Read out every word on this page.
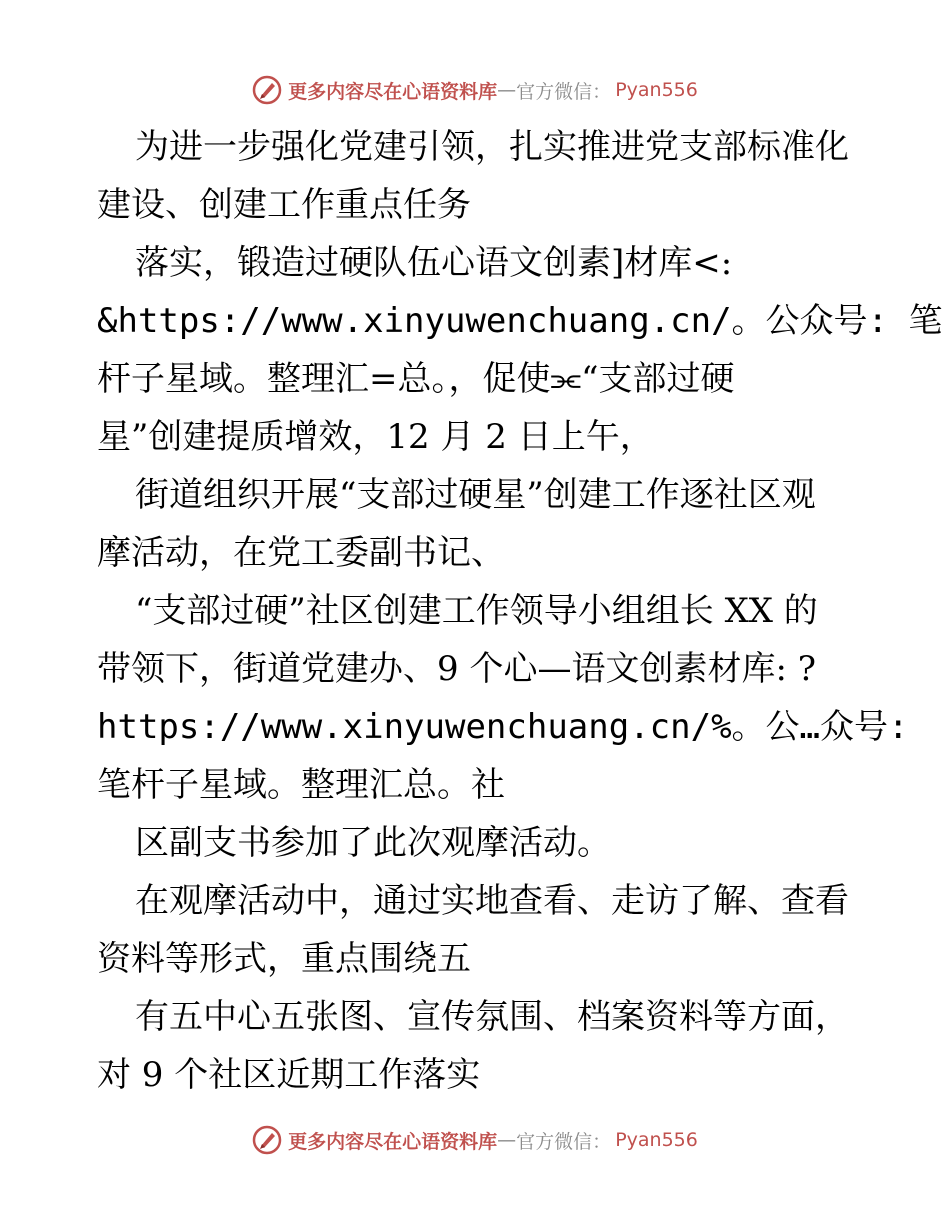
更多内容尽在心语资料库 — 官方微信： Pyan556
为进一步强化党建引领，扎实推进党支部标准化
建设、创建工作重点任务
落实，锻造过硬队伍心语文创素]材库<:
&https://www.xinyuwenchuang.cn/。公众号: 笔
杆子星域。整理汇=总。，促使⫘“支部过硬
星”创建提质增效，12 月 2 日上午，
街道组织开展“支部过硬星”创建工作逐社区观
摩活动，在党工委副书记、
“支部过硬”社区创建工作领导小组组长 XX 的
带领下，街道党建办、9 个心—语文创素材库: ?
https://www.xinyuwenchuang.cn/%。公…众号:
笔杆子星域。整理汇总。社
区副支书参加了此次观摩活动。
在观摩活动中，通过实地查看、走访了解、查看
资料等形式，重点围绕五
有五中心五张图、宣传氛围、档案资料等方面，
对 9 个社区近期工作落实
更多内容尽在心语资料库 — 官方微信： Pyan556
